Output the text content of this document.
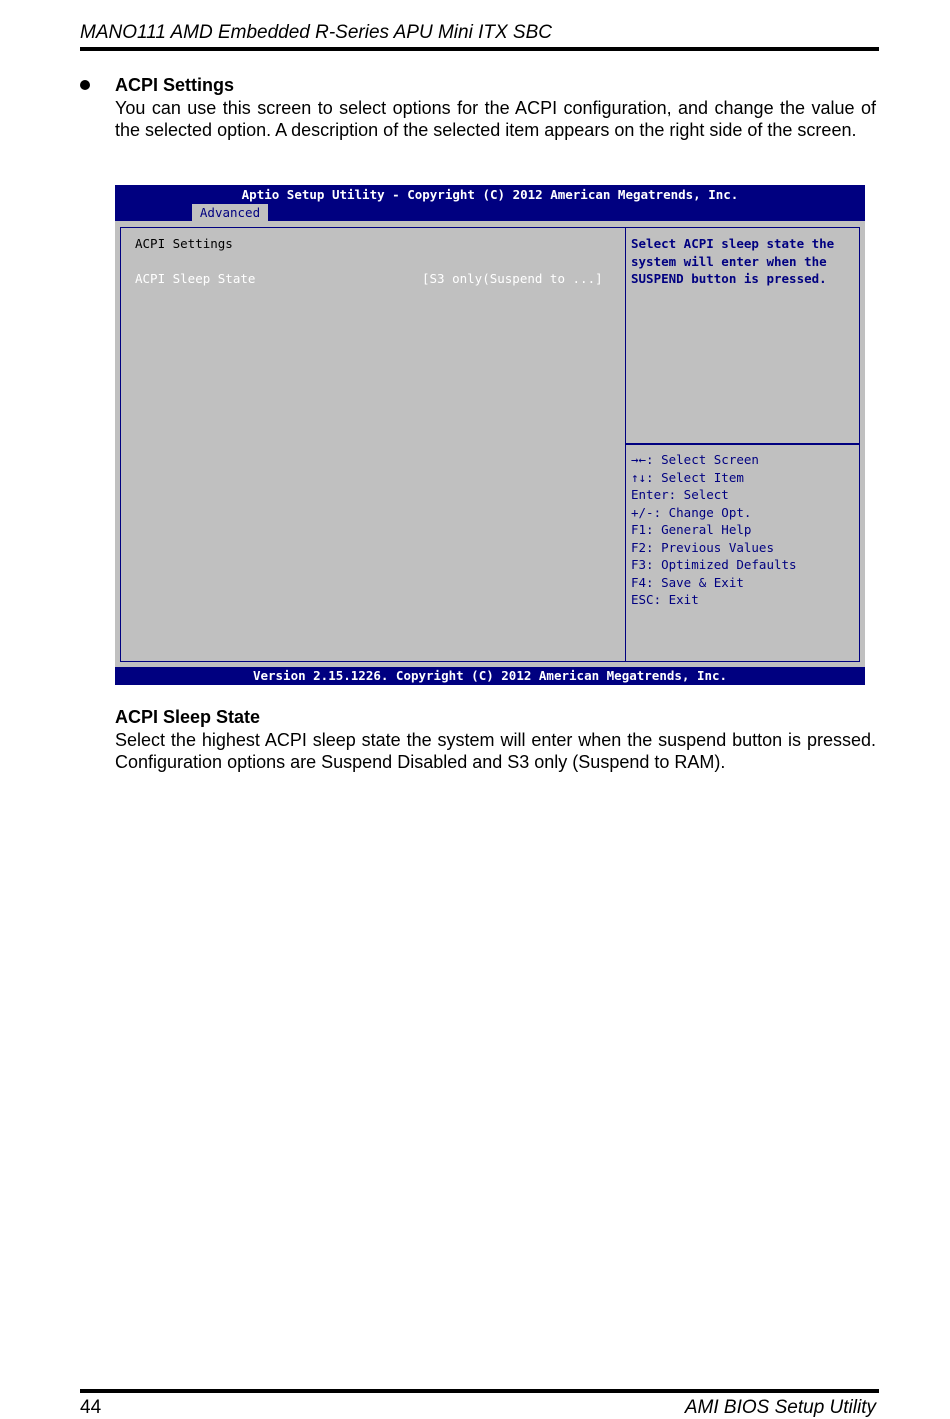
MANO111 AMD Embedded R-Series APU Mini ITX SBC
ACPI Settings

You can use this screen to select options for the ACPI configuration, and change the value of the selected option. A description of the selected item appears on the right side of the screen.

Aptio Setup Utility - Copyright (C) 2012 American Megatrends, Inc.
Advanced
ACPI Settings
ACPI Sleep State	[S3 only(Suspend to ...]
Select ACPI sleep state the
system will enter when the
SUSPEND button is pressed.
→←: Select Screen
↑↓: Select Item
Enter: Select
+/-: Change Opt.
F1: General Help
F2: Previous Values
F3: Optimized Defaults
F4: Save & Exit
ESC: Exit
Version 2.15.1226. Copyright (C) 2012 American Megatrends, Inc.
ACPI Sleep State

Select the highest ACPI sleep state the system will enter when the suspend button is pressed. Configuration options are Suspend Disabled and S3 only (Suspend to RAM).

44	AMI BIOS Setup Utility
